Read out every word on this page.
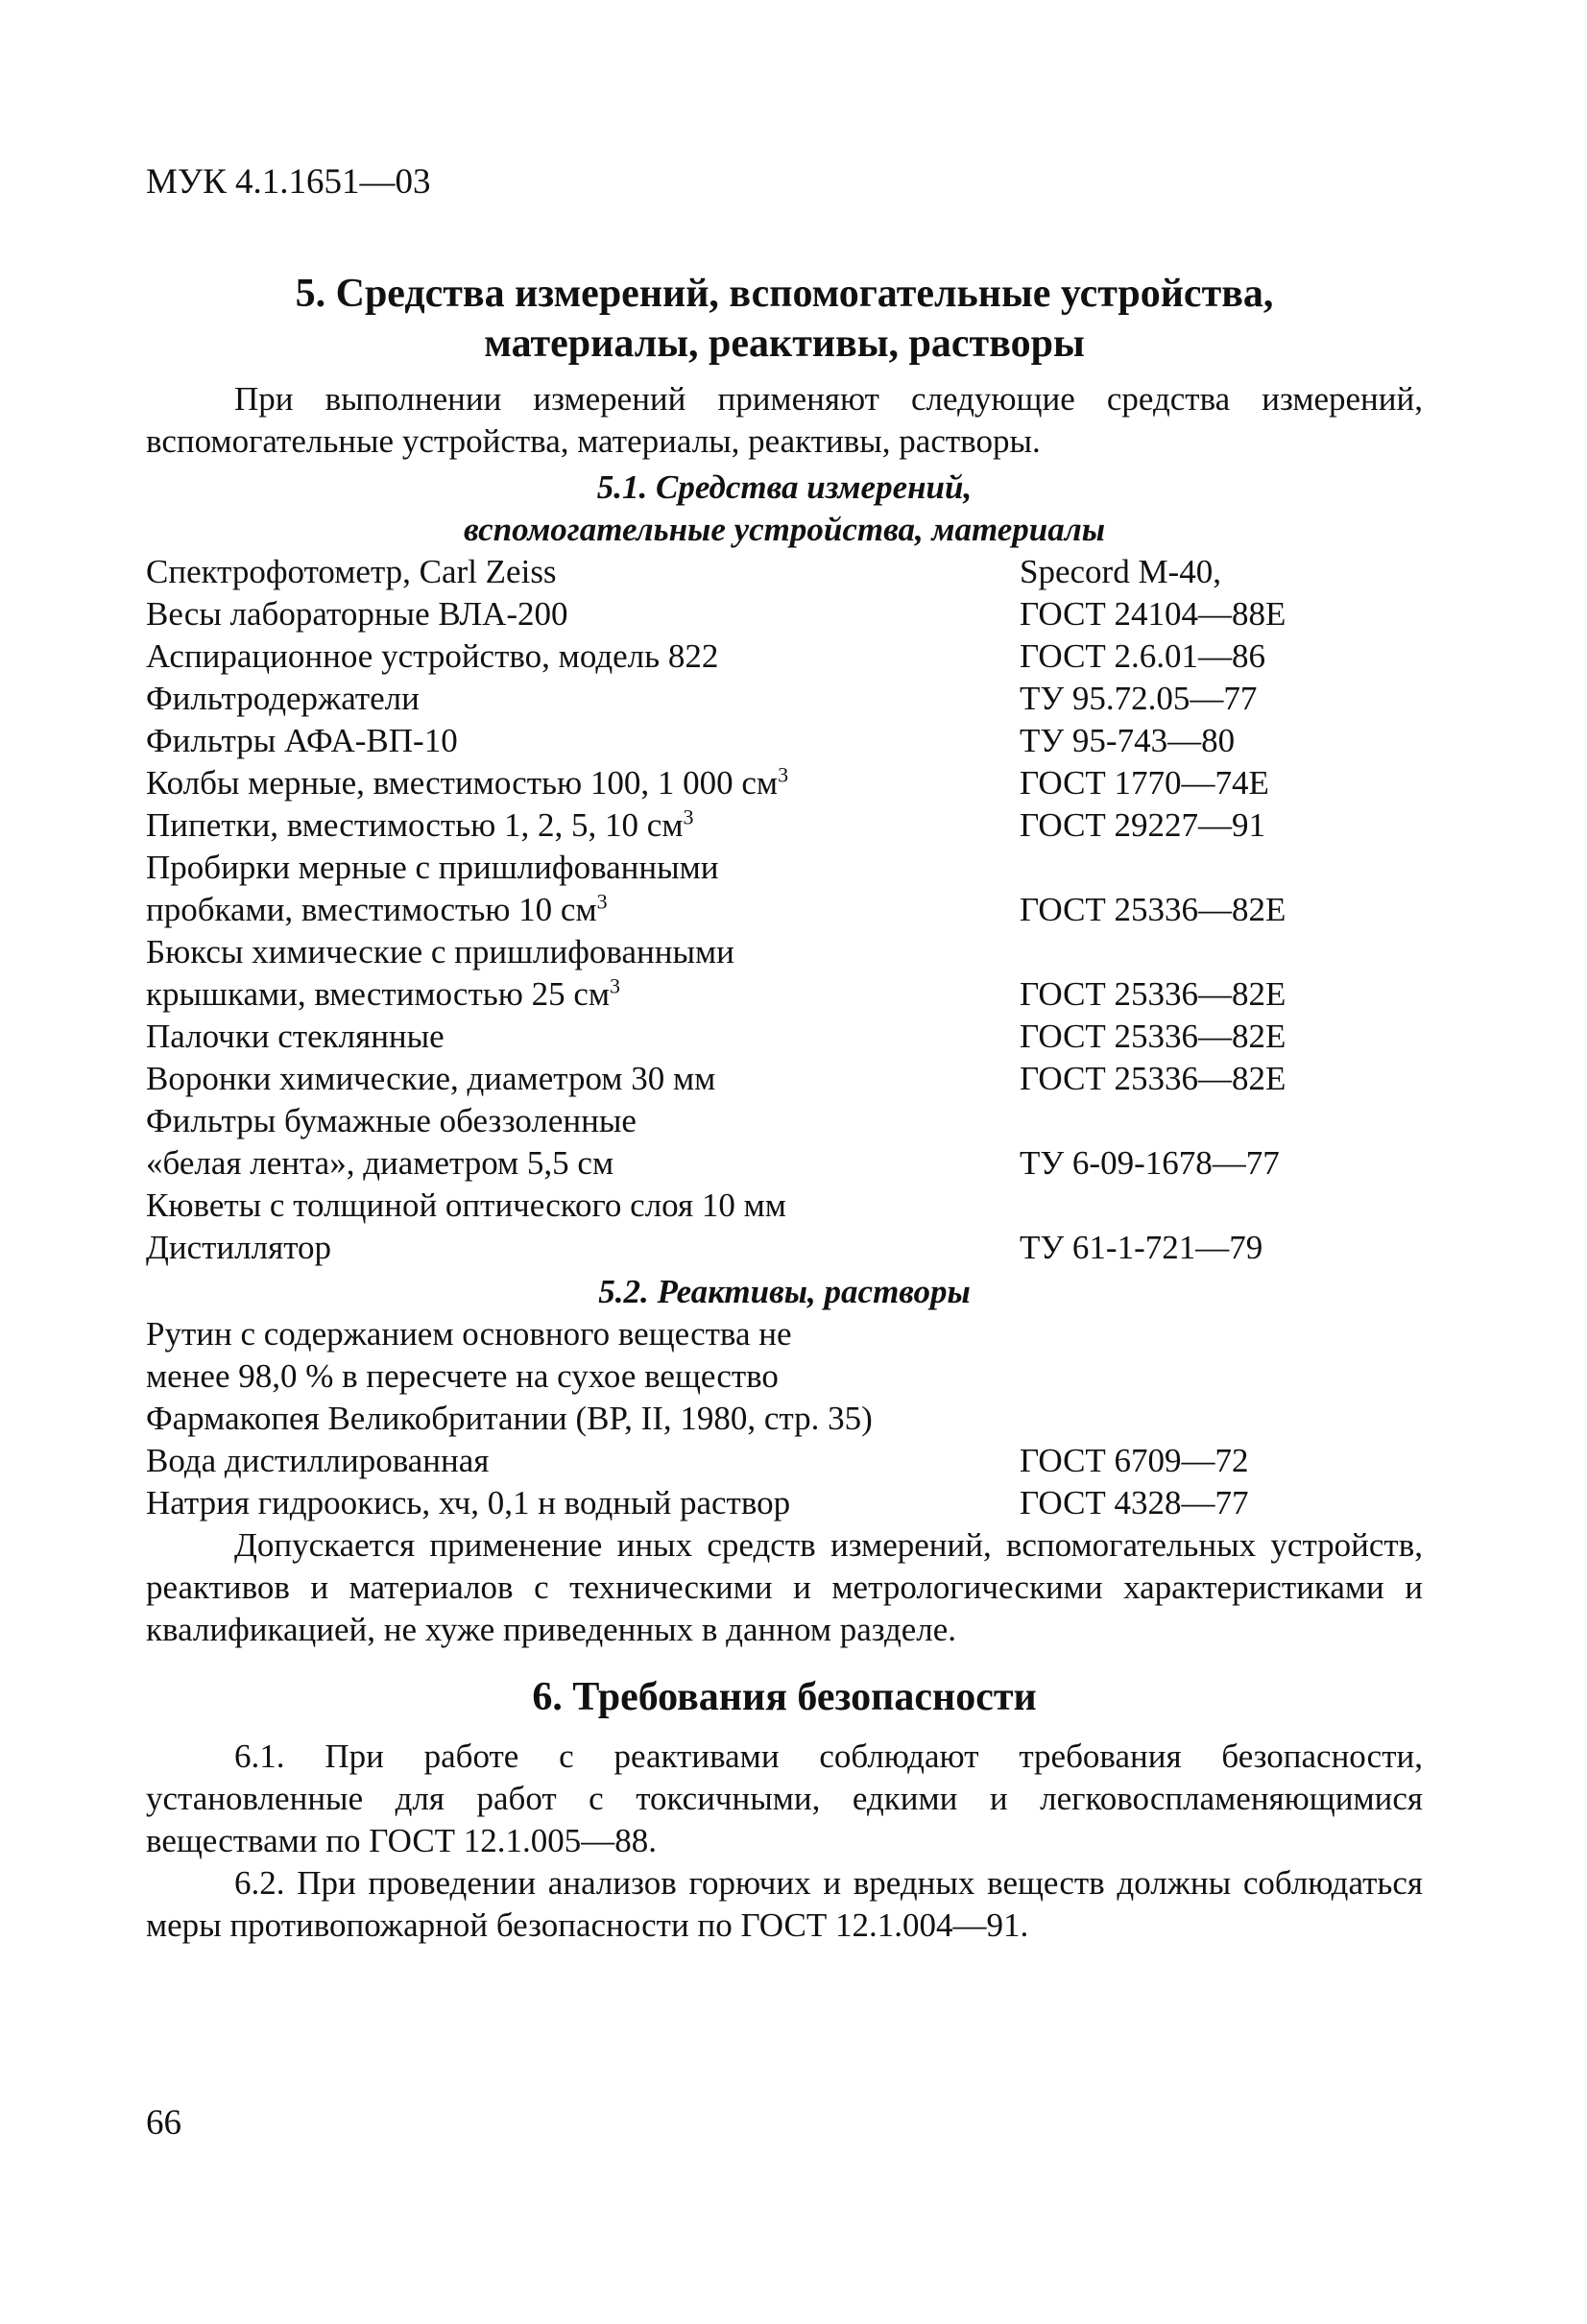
МУК 4.1.1651—03
5. Средства измерений, вспомогательные устройства,
материалы, реактивы, растворы

При выполнении измерений применяют следующие средства измерений, вспомогательные устройства, материалы, реактивы, растворы.

5.1. Средства измерений,
вспомогательные устройства, материалы
Спектрофотометр, Carl Zeiss	Specord M-40,
Весы лабораторные ВЛА-200	ГОСТ 24104—88Е
Аспирационное устройство, модель 822	ГОСТ 2.6.01—86
Фильтродержатели	ТУ 95.72.05—77
Фильтры АФА-ВП-10	ТУ 95-743—80
Колбы мерные, вместимостью 100, 1 000 $см^3$	ГОСТ 1770—74Е
Пипетки, вместимостью 1, 2, 5, 10 $см^3$	ГОСТ 29227—91
Пробирки мерные с пришлифованными
пробками, вместимостью 10 $см^3$	ГОСТ 25336—82Е
Бюксы химические с пришлифованными
крышками, вместимостью 25 $см^3$	ГОСТ 25336—82Е
Палочки стеклянные	ГОСТ 25336—82Е
Воронки химические, диаметром 30 мм	ГОСТ 25336—82Е
Фильтры бумажные обеззоленные
«белая лента», диаметром 5,5 см	ТУ 6-09-1678—77
Кюветы с толщиной оптического слоя 10 мм
Дистиллятор	ТУ 61-1-721—79
5.2. Реактивы, растворы
Рутин с содержанием основного вещества не
менее 98,0 % в пересчете на сухое вещество
Фармакопея Великобритании (BP, II, 1980, стр. 35)
Вода дистиллированная	ГОСТ 6709—72
Натрия гидроокись, хч, 0,1 н водный раствор	ГОСТ 4328—77

Допускается применение иных средств измерений, вспомогательных устройств, реактивов и материалов с техническими и метрологическими характеристиками и квалификацией, не хуже приведенных в данном разделе.

6. Требования безопасности

6.1. При работе с реактивами соблюдают требования безопасности, установленные для работ с токсичными, едкими и легковоспламеняющимися веществами по ГОСТ 12.1.005—88.

6.2. При проведении анализов горючих и вредных веществ должны соблюдаться меры противопожарной безопасности по ГОСТ 12.1.004—91.

66
